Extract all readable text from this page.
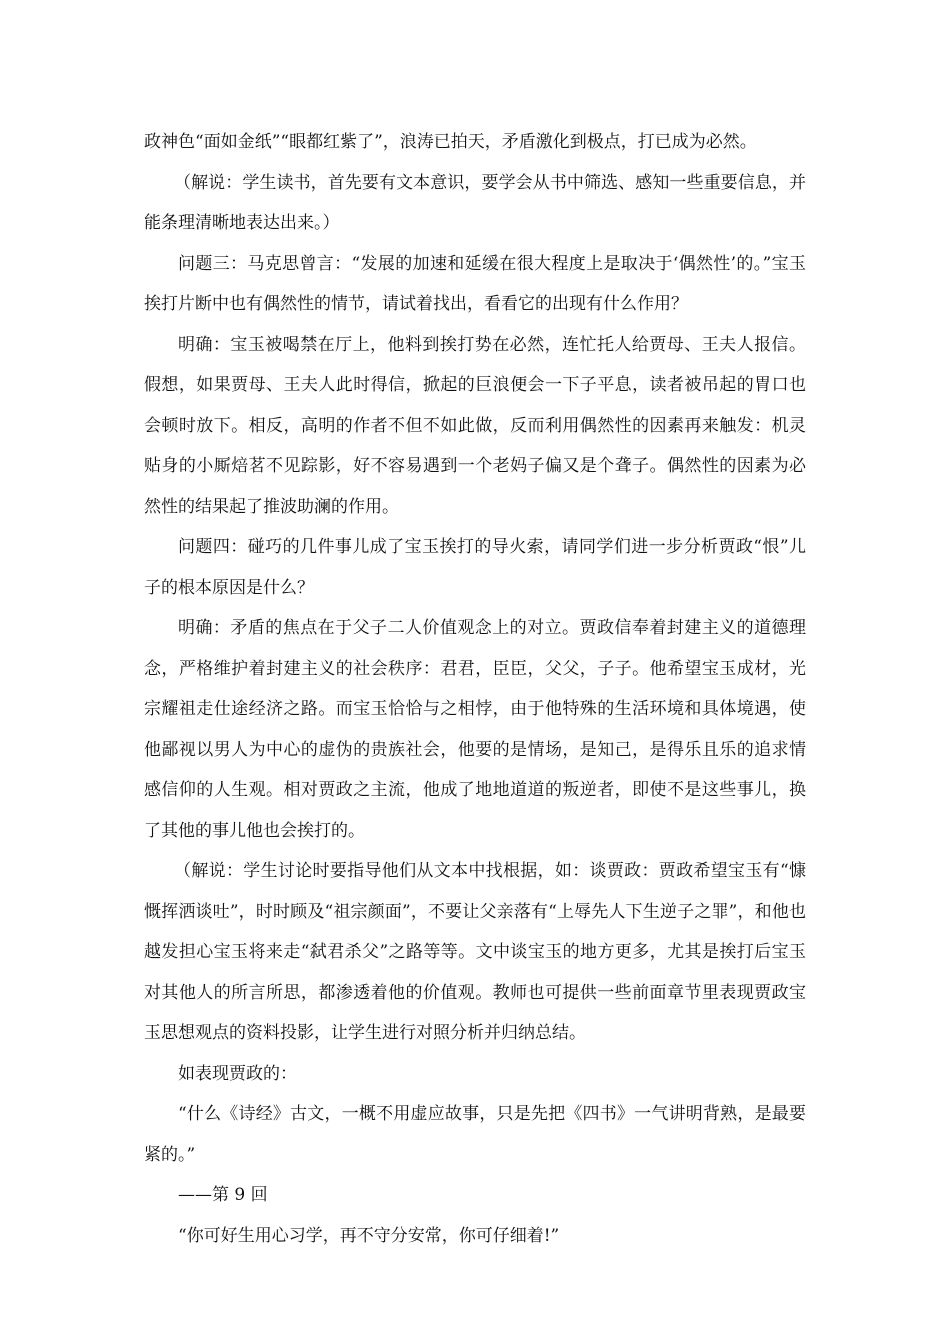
政神色“面如金纸”“眼都红紫了”，浪涛已拍天，矛盾激化到极点，打已成为必然。

（解说：学生读书，首先要有文本意识，要学会从书中筛选、感知一些重要信息，并能条理清晰地表达出来。）

问题三：马克思曾言：“发展的加速和延缓在很大程度上是取决于‘偶然性’的。”宝玉挨打片断中也有偶然性的情节，请试着找出，看看它的出现有什么作用？

明确：宝玉被喝禁在厅上，他料到挨打势在必然，连忙托人给贾母、王夫人报信。假想，如果贾母、王夫人此时得信，掀起的巨浪便会一下子平息，读者被吊起的胃口也会顿时放下。相反，高明的作者不但不如此做，反而利用偶然性的因素再来触发：机灵贴身的小厮焙茗不见踪影，好不容易遇到一个老妈子偏又是个聋子。偶然性的因素为必然性的结果起了推波助澜的作用。

问题四：碰巧的几件事儿成了宝玉挨打的导火索，请同学们进一步分析贾政“恨”儿子的根本原因是什么？

明确：矛盾的焦点在于父子二人价值观念上的对立。贾政信奉着封建主义的道德理念，严格维护着封建主义的社会秩序：君君，臣臣，父父，子子。他希望宝玉成材，光宗耀祖走仕途经济之路。而宝玉恰恰与之相悖，由于他特殊的生活环境和具体境遇，使他鄙视以男人为中心的虚伪的贵族社会，他要的是情场，是知己，是得乐且乐的追求情感信仰的人生观。相对贾政之主流，他成了地地道道的叛逆者，即使不是这些事儿，换了其他的事儿他也会挨打的。

（解说：学生讨论时要指导他们从文本中找根据，如：谈贾政：贾政希望宝玉有“慷慨挥洒谈吐”，时时顾及“祖宗颜面”，不要让父亲落有“上辱先人下生逆子之罪”，和他也越发担心宝玉将来走“弑君杀父”之路等等。文中谈宝玉的地方更多，尤其是挨打后宝玉对其他人的所言所思，都渗透着他的价值观。教师也可提供一些前面章节里表现贾政宝玉思想观点的资料投影，让学生进行对照分析并归纳总结。

如表现贾政的：

“什么《诗经》古文，一概不用虚应故事，只是先把《四书》一气讲明背熟，是最要紧的。”

——第 9 回

“你可好生用心习学，再不守分安常，你可仔细着!”
